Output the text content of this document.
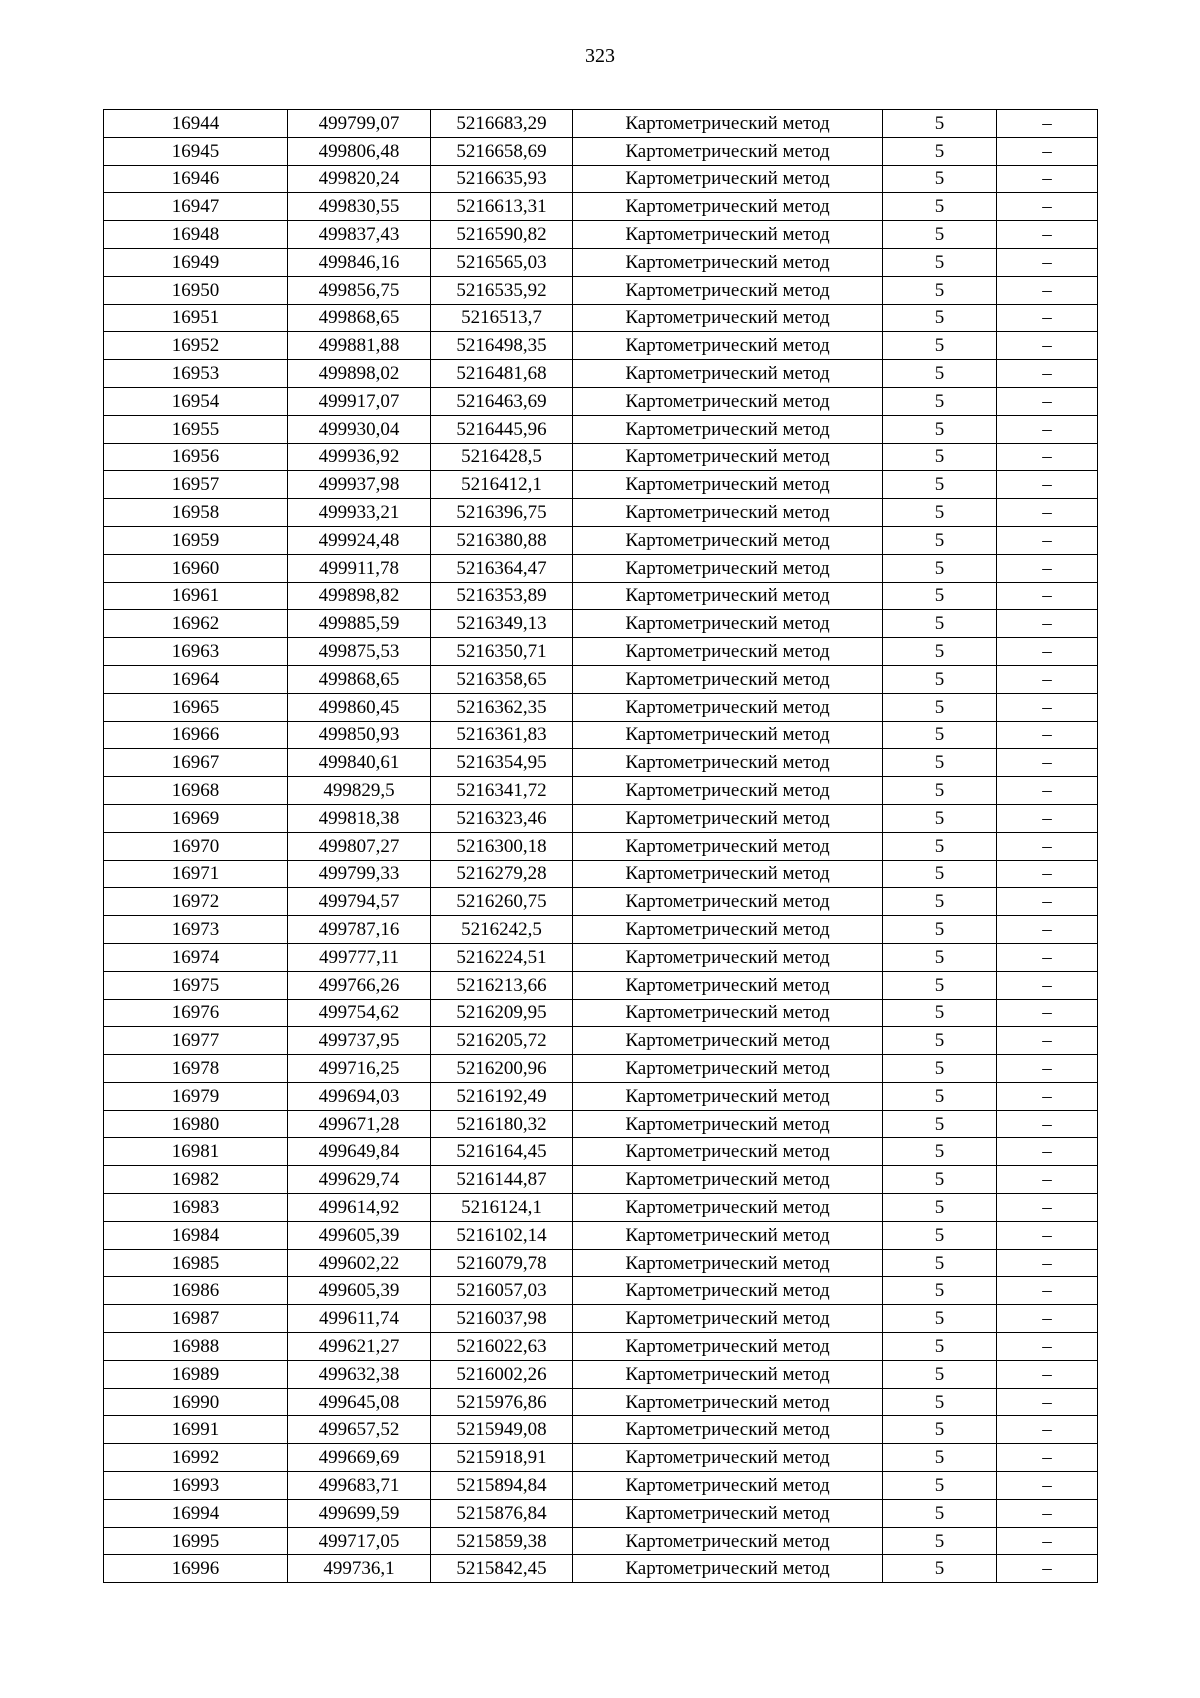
323
16944	499799,07	5216683,29	Картометрический метод	5	–
16945	499806,48	5216658,69	Картометрический метод	5	–
16946	499820,24	5216635,93	Картометрический метод	5	–
16947	499830,55	5216613,31	Картометрический метод	5	–
16948	499837,43	5216590,82	Картометрический метод	5	–
16949	499846,16	5216565,03	Картометрический метод	5	–
16950	499856,75	5216535,92	Картометрический метод	5	–
16951	499868,65	5216513,7	Картометрический метод	5	–
16952	499881,88	5216498,35	Картометрический метод	5	–
16953	499898,02	5216481,68	Картометрический метод	5	–
16954	499917,07	5216463,69	Картометрический метод	5	–
16955	499930,04	5216445,96	Картометрический метод	5	–
16956	499936,92	5216428,5	Картометрический метод	5	–
16957	499937,98	5216412,1	Картометрический метод	5	–
16958	499933,21	5216396,75	Картометрический метод	5	–
16959	499924,48	5216380,88	Картометрический метод	5	–
16960	499911,78	5216364,47	Картометрический метод	5	–
16961	499898,82	5216353,89	Картометрический метод	5	–
16962	499885,59	5216349,13	Картометрический метод	5	–
16963	499875,53	5216350,71	Картометрический метод	5	–
16964	499868,65	5216358,65	Картометрический метод	5	–
16965	499860,45	5216362,35	Картометрический метод	5	–
16966	499850,93	5216361,83	Картометрический метод	5	–
16967	499840,61	5216354,95	Картометрический метод	5	–
16968	499829,5	5216341,72	Картометрический метод	5	–
16969	499818,38	5216323,46	Картометрический метод	5	–
16970	499807,27	5216300,18	Картометрический метод	5	–
16971	499799,33	5216279,28	Картометрический метод	5	–
16972	499794,57	5216260,75	Картометрический метод	5	–
16973	499787,16	5216242,5	Картометрический метод	5	–
16974	499777,11	5216224,51	Картометрический метод	5	–
16975	499766,26	5216213,66	Картометрический метод	5	–
16976	499754,62	5216209,95	Картометрический метод	5	–
16977	499737,95	5216205,72	Картометрический метод	5	–
16978	499716,25	5216200,96	Картометрический метод	5	–
16979	499694,03	5216192,49	Картометрический метод	5	–
16980	499671,28	5216180,32	Картометрический метод	5	–
16981	499649,84	5216164,45	Картометрический метод	5	–
16982	499629,74	5216144,87	Картометрический метод	5	–
16983	499614,92	5216124,1	Картометрический метод	5	–
16984	499605,39	5216102,14	Картометрический метод	5	–
16985	499602,22	5216079,78	Картометрический метод	5	–
16986	499605,39	5216057,03	Картометрический метод	5	–
16987	499611,74	5216037,98	Картометрический метод	5	–
16988	499621,27	5216022,63	Картометрический метод	5	–
16989	499632,38	5216002,26	Картометрический метод	5	–
16990	499645,08	5215976,86	Картометрический метод	5	–
16991	499657,52	5215949,08	Картометрический метод	5	–
16992	499669,69	5215918,91	Картометрический метод	5	–
16993	499683,71	5215894,84	Картометрический метод	5	–
16994	499699,59	5215876,84	Картометрический метод	5	–
16995	499717,05	5215859,38	Картометрический метод	5	–
16996	499736,1	5215842,45	Картометрический метод	5	–
